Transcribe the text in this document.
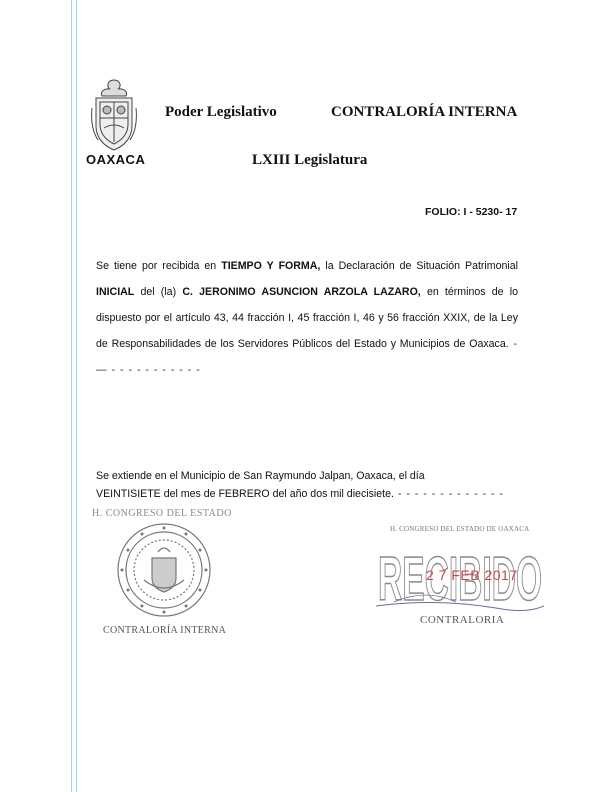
OAXACA
Poder Legislativo	CONTRALORÍA INTERNA
LXIII Legislatura
FOLIO: I - 5230- 17
Se tiene por recibida en TIEMPO Y FORMA, la Declaración de Situación Patrimonial INICIAL del (la) C. JERONIMO ASUNCION ARZOLA LAZARO, en términos de lo dispuesto por el artículo 43, 44 fracción I, 45 fracción I, 46 y 56 fracción XXIX, de la Ley de Responsabilidades de los Servidores Públicos del Estado y Municipios de Oaxaca. - — - - - - - - - - - - -
Se extiende en el Municipio de San Raymundo Jalpan, Oaxaca, el día
VEINTISIETE del mes de FEBRERO del año dos mil diecisiete. - - - - - - - - - - - - -
H. CONGRESO DEL ESTADO
CONTRALORÍA INTERNA
H. CONGRESO DEL ESTADO DE OAXACA
RECIBIDO
2 7 FEB 2017
CONTRALORIA
